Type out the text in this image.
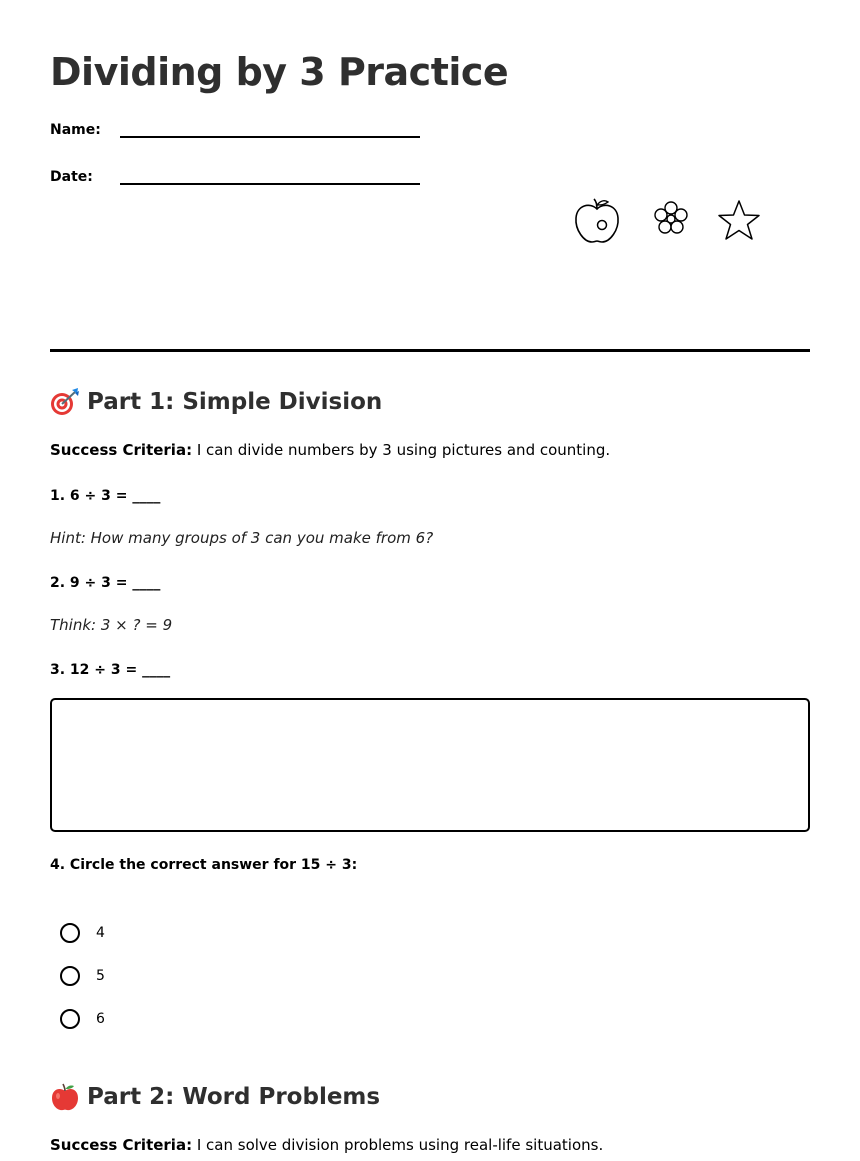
Dividing by 3 Practice
Name:
Date:
Part 1: Simple Division
Success Criteria: I can divide numbers by 3 using pictures and counting.
1. 6 ÷ 3 = ____
Hint: How many groups of 3 can you make from 6?
2. 9 ÷ 3 = ____
Think: 3 × ? = 9
3. 12 ÷ 3 = ____
4. Circle the correct answer for 15 ÷ 3:
4
5
6
Part 2: Word Problems
Success Criteria: I can solve division problems using real-life situations.
